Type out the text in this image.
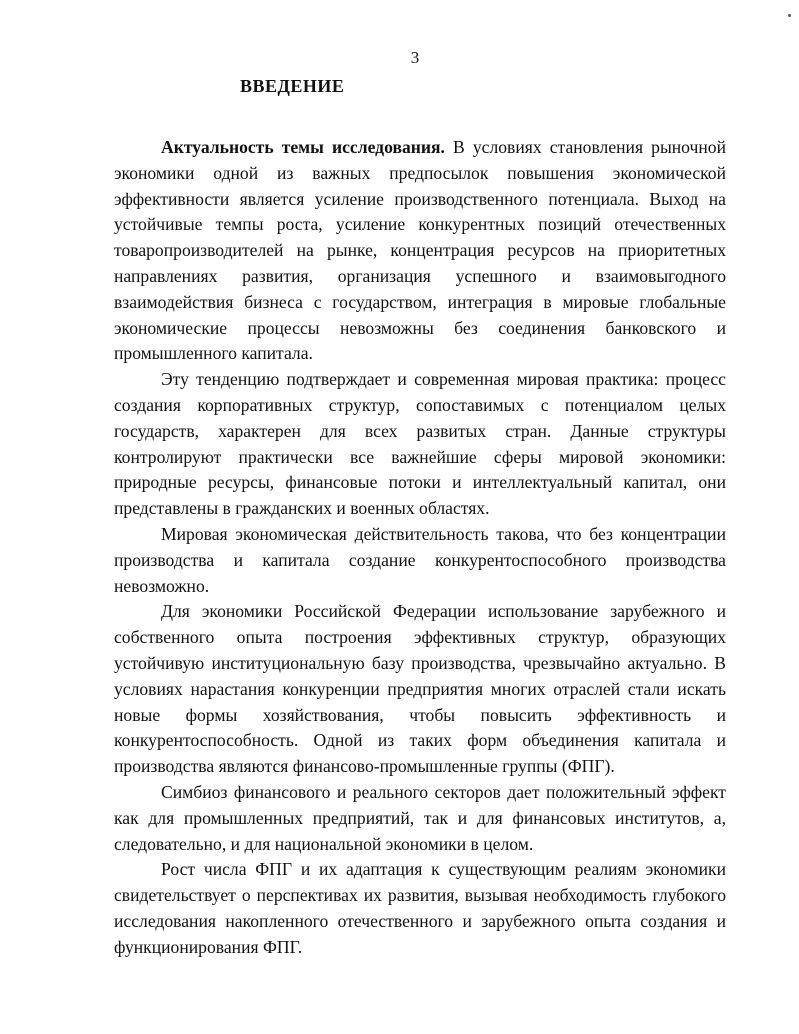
3
ВВЕДЕНИЕ

Актуальность темы исследования. В условиях становления рыночной экономики одной из важных предпосылок повышения экономической эффективности является усиление производственного потенциала. Выход на устойчивые темпы роста, усиление конкурентных позиций отечественных товаропроизводителей на рынке, концентрация ресурсов на приоритетных направлениях развития, организация успешного и взаимовыгодного взаимодействия бизнеса с государством, интеграция в мировые глобальные экономические процессы невозможны без соединения банковского и промышленного капитала.

Эту тенденцию подтверждает и современная мировая практика: процесс создания корпоративных структур, сопоставимых с потенциалом целых государств, характерен для всех развитых стран. Данные структуры контролируют практически все важнейшие сферы мировой экономики: природные ресурсы, финансовые потоки и интеллектуальный капитал, они представлены в гражданских и военных областях.

Мировая экономическая действительность такова, что без концентрации производства и капитала создание конкурентоспособного производства невозможно.

Для экономики Российской Федерации использование зарубежного и собственного опыта построения эффективных структур, образующих устойчивую институциональную базу производства, чрезвычайно актуально. В условиях нарастания конкуренции предприятия многих отраслей стали искать новые формы хозяйствования, чтобы повысить эффективность и конкурентоспособность. Одной из таких форм объединения капитала и производства являются финансово-промышленные группы (ФПГ).

Симбиоз финансового и реального секторов дает положительный эффект как для промышленных предприятий, так и для финансовых институтов, а, следовательно, и для национальной экономики в целом.

Рост числа ФПГ и их адаптация к существующим реалиям экономики свидетельствует о перспективах их развития, вызывая необходимость глубокого исследования накопленного отечественного и зарубежного опыта создания и функционирования ФПГ.
